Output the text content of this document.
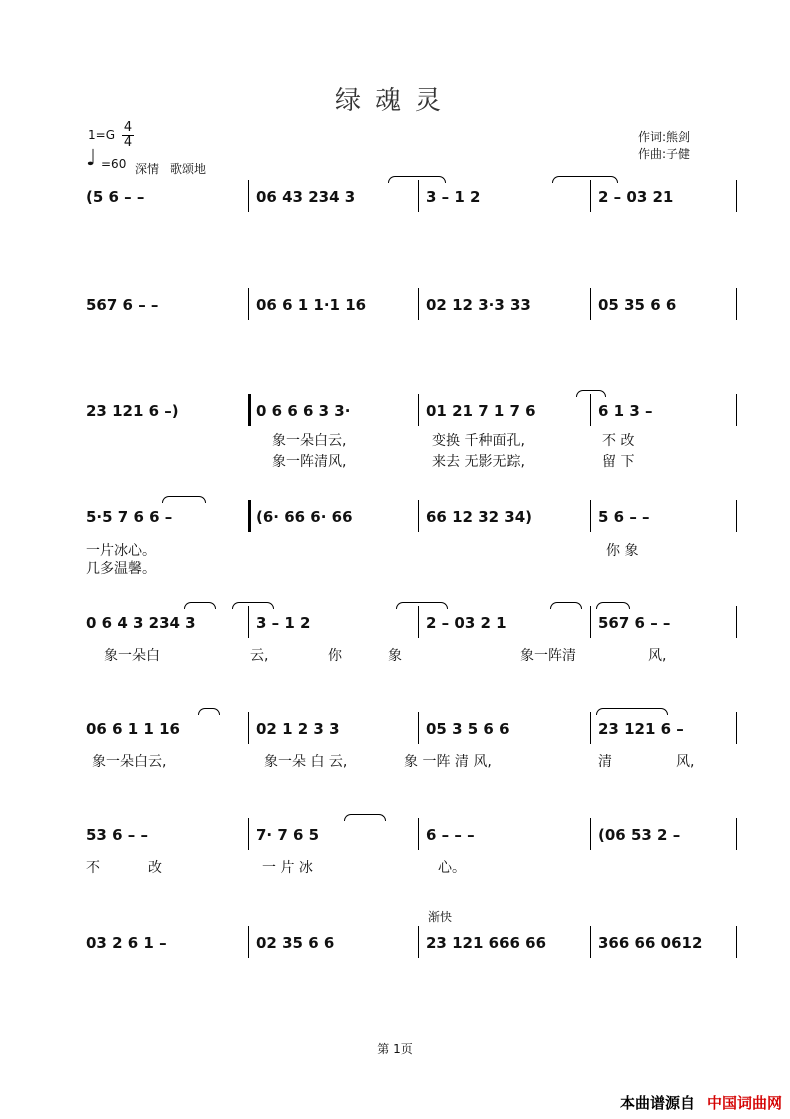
绿魂灵
1=G 4
4
♩ =60 深情 歌颂地
作词:熊剑
作曲:子健
(5 6 – –	06 43 234 3	3 – 1 2	2 – 03 21
567 6 – –	06 6 1 1·1 16	02 12 3·3 33	05 35 6 6
23 121 6 –)	0 6 6 6 3 3·	01 21 7 1 7 6	6 1 3 –
象一朵白云,	变换 千种面孔,	不 改
象一阵清风,	来去 无影无踪,	留 下
5·5 7 6 6 –	(6· 66 6· 66	66 12 32 34)	5 6 – –
一片冰心。	你 象
几多温馨。
0 6 4 3 234 3	3 – 1 2	2 – 03 2 1	567 6 – –
象一朵白	云,	你	象	象一阵清	风,
06 6 1 1 16	02 1 2 3 3	05 3 5 6 6	23 121 6 –
象一朵白云,	象一朵 白 云,	象 一阵 清 风,	清	风,
53 6 – –	7· 7 6 5	6 – – –	(06 53 2 –
不	改	一 片 冰	心。
03 2 6 1 –	02 35 6 6	23 121 666 66	366 66 0612
渐快
第 1页
本曲谱源自 中国词曲网
